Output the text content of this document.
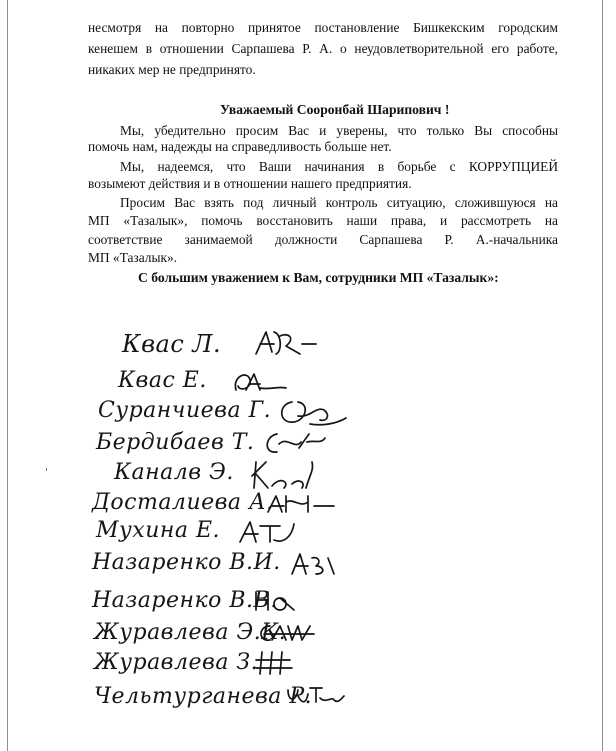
несмотря на повторно принятое постановление Бишкекским городским
кенешем в отношении Сарпашева Р. А. о неудовлетворительной его работе,
никаких мер не предпринято.
Уважаемый Сооронбай Шарипович !
Мы, убедительно просим Вас и уверены, что только Вы способны
помочь нам, надежды на справедливость больше нет.
Мы, надеемся, что Ваши начинания в борьбе с КОРРУПЦИЕЙ
возымеют действия и в отношении нашего предприятия.
Просим Вас взять под личный контроль ситуацию, сложившуюся на
МП «Тазалык», помочь восстановить наши права, и рассмотреть на
соответствие занимаемой должности Сарпашева Р. А.-начальника
МП «Тазалык».
С большим уважением к Вам, сотрудники МП «Тазалык»:
Квас Л.
Квас Е.
Суранчиева Г.
Бердибаев Т.
Каналв Э.
Досталиева А.
Мухина Е.
Назаренко В.И.
Назаренко В.В.
Журавлева Э.К.
Журавлева З.
Чельтурганева Р.
